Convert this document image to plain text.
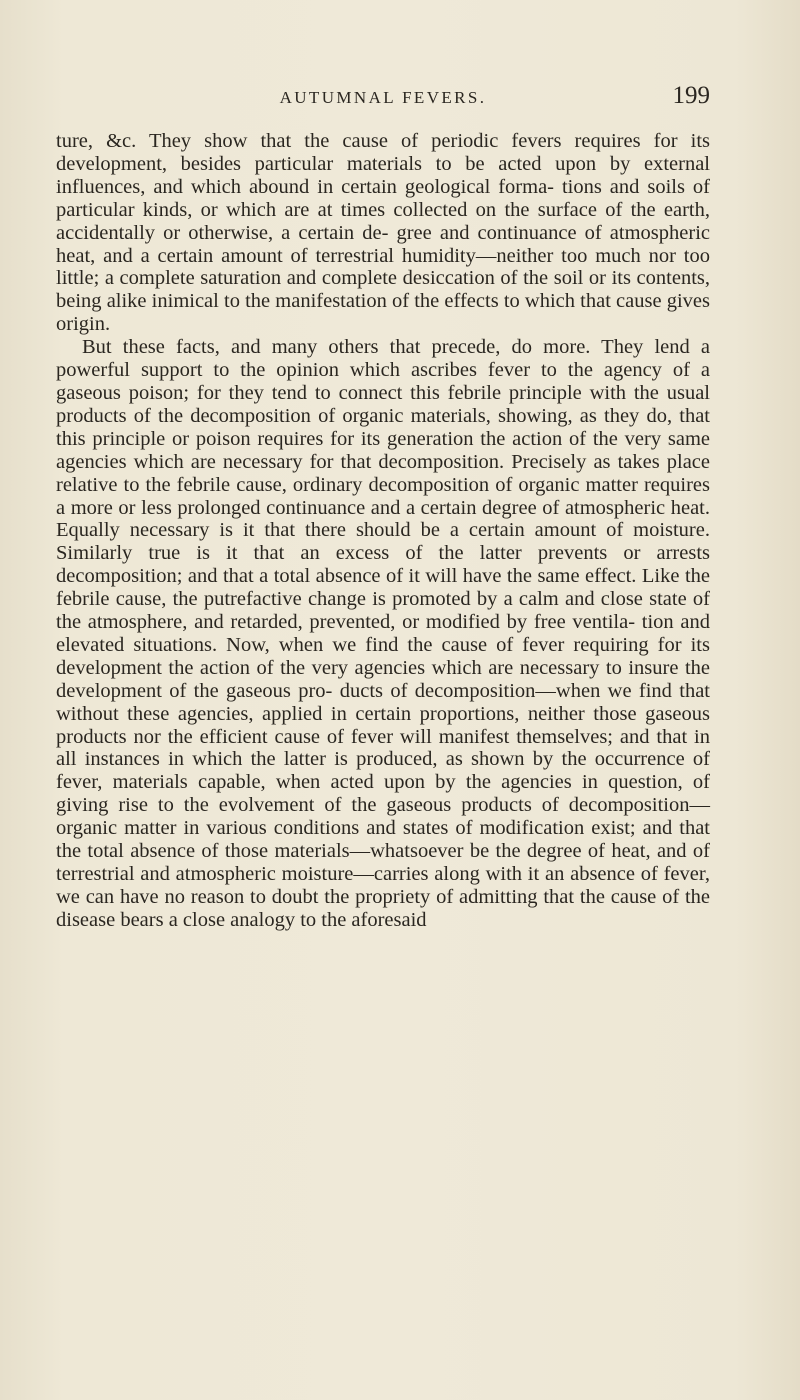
AUTUMNAL FEVERS.	199

ture, &c. They show that the cause of periodic fevers requires for its development, besides particular materials to be acted upon by external influences, and which abound in certain geological forma- tions and soils of particular kinds, or which are at times collected on the surface of the earth, accidentally or otherwise, a certain de- gree and continuance of atmospheric heat, and a certain amount of terrestrial humidity—neither too much nor too little; a complete saturation and complete desiccation of the soil or its contents, being alike inimical to the manifestation of the effects to which that cause gives origin.

But these facts, and many others that precede, do more. They lend a powerful support to the opinion which ascribes fever to the agency of a gaseous poison; for they tend to connect this febrile principle with the usual products of the decomposition of organic materials, showing, as they do, that this principle or poison requires for its generation the action of the very same agencies which are necessary for that decomposition. Precisely as takes place relative to the febrile cause, ordinary decomposition of organic matter requires a more or less prolonged continuance and a certain degree of atmospheric heat. Equally necessary is it that there should be a certain amount of moisture. Similarly true is it that an excess of the latter prevents or arrests decomposition; and that a total absence of it will have the same effect. Like the febrile cause, the putrefactive change is promoted by a calm and close state of the atmosphere, and retarded, prevented, or modified by free ventila- tion and elevated situations. Now, when we find the cause of fever requiring for its development the action of the very agencies which are necessary to insure the development of the gaseous pro- ducts of decomposition—when we find that without these agencies, applied in certain proportions, neither those gaseous products nor the efficient cause of fever will manifest themselves; and that in all instances in which the latter is produced, as shown by the occurrence of fever, materials capable, when acted upon by the agencies in question, of giving rise to the evolvement of the gaseous products of decomposition—organic matter in various conditions and states of modification exist; and that the total absence of those materials—whatsoever be the degree of heat, and of terrestrial and atmospheric moisture—carries along with it an absence of fever, we can have no reason to doubt the propriety of admitting that the cause of the disease bears a close analogy to the aforesaid
